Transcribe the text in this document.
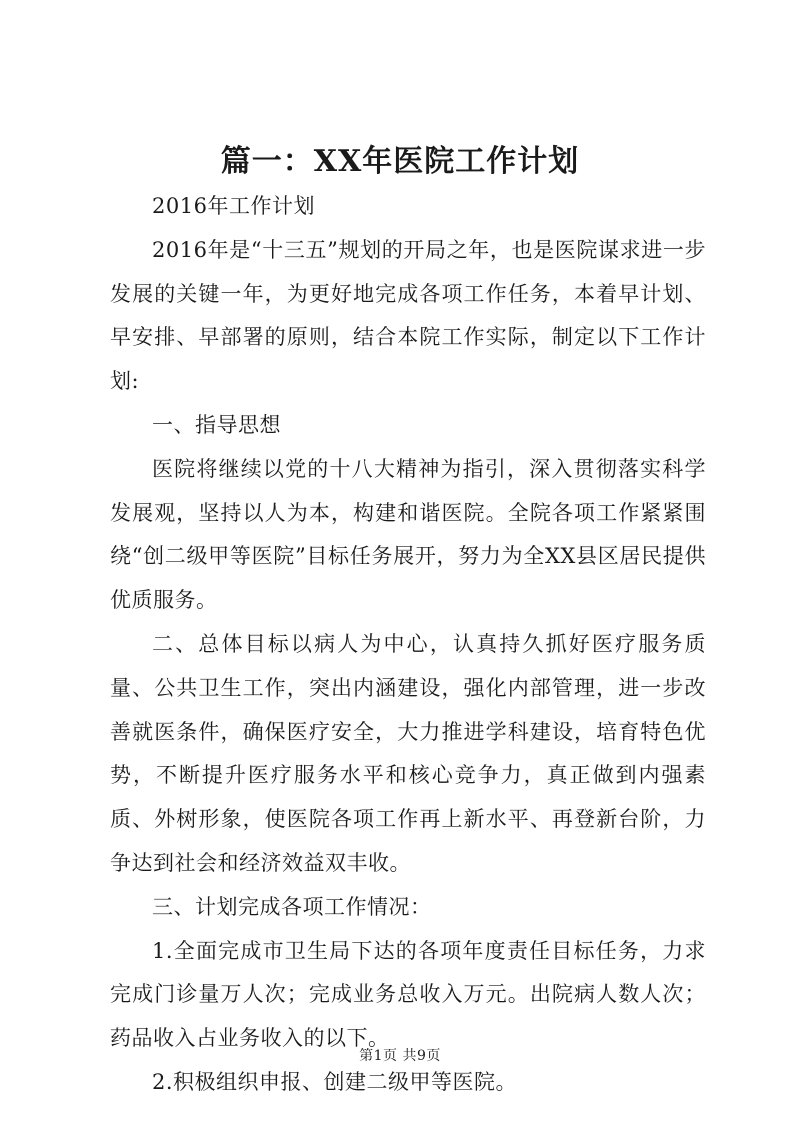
篇一：XX年医院工作计划

2016年工作计划

2016年是“十三五”规划的开局之年，也是医院谋求进一步发展的关键一年，为更好地完成各项工作任务，本着早计划、早安排、早部署的原则，结合本院工作实际，制定以下工作计划:

一、指导思想

医院将继续以党的十八大精神为指引，深入贯彻落实科学发展观，坚持以人为本，构建和谐医院。全院各项工作紧紧围绕“创二级甲等医院”目标任务展开，努力为全XX县区居民提供优质服务。

二、总体目标以病人为中心，认真持久抓好医疗服务质量、公共卫生工作，突出内涵建设，强化内部管理，进一步改善就医条件，确保医疗安全，大力推进学科建设，培育特色优势，不断提升医疗服务水平和核心竞争力，真正做到内强素质、外树形象，使医院各项工作再上新水平、再登新台阶，力争达到社会和经济效益双丰收。

三、计划完成各项工作情况：

1.全面完成市卫生局下达的各项年度责任目标任务，力求完成门诊量万人次；完成业务总收入万元。出院病人数人次；药品收入占业务收入的以下。

2.积极组织申报、创建二级甲等医院。

第1页 共9页
